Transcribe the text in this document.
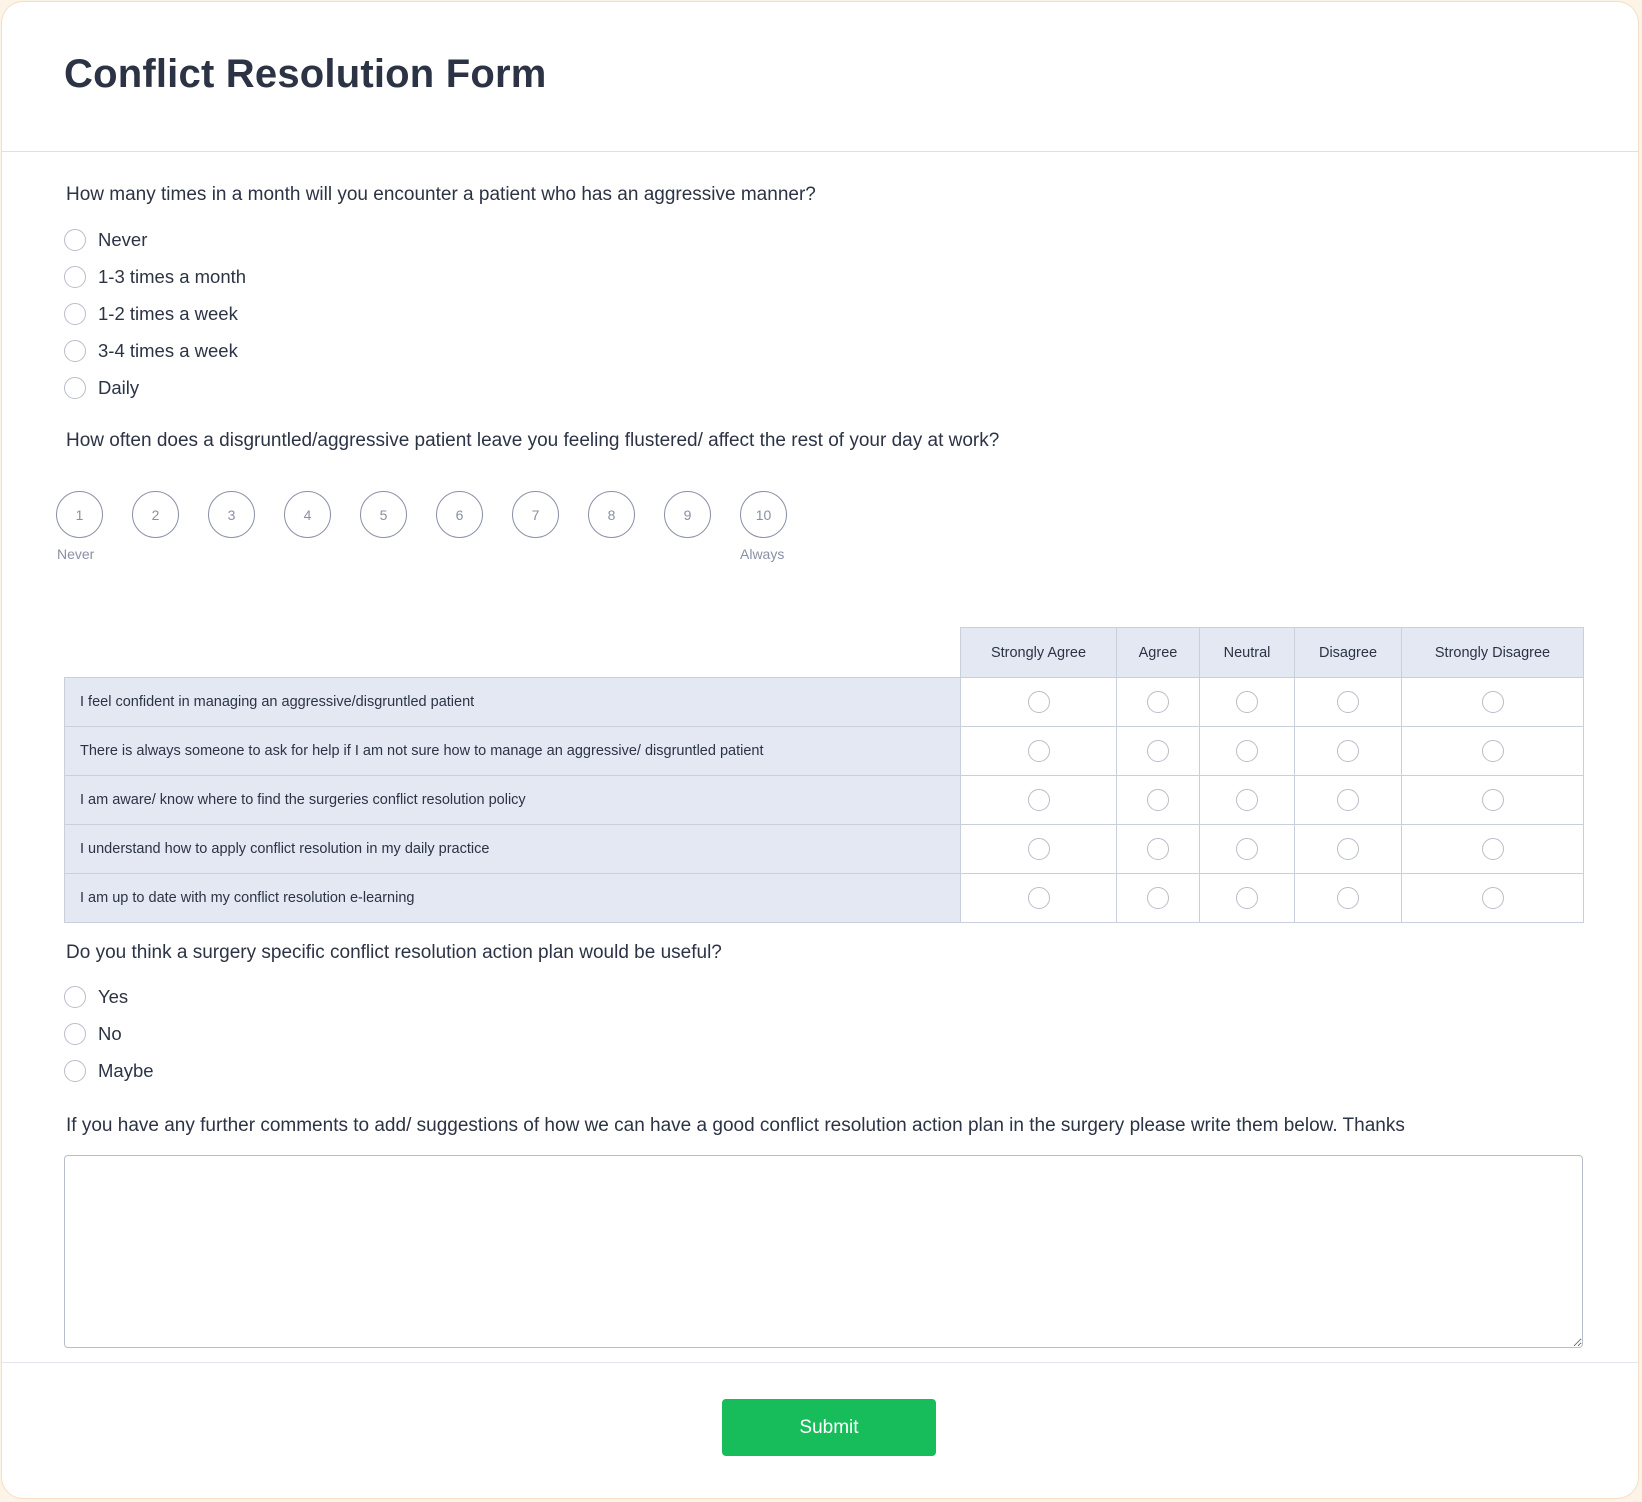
Conflict Resolution Form

How many times in a month will you encounter a patient who has an aggressive manner?

Never
1-3 times a month
1-2 times a week
3-4 times a week
Daily

How often does a disgruntled/aggressive patient leave you feeling flustered/ affect the rest of your day at work?

1	2	3	4	5	6	7	8	9	10
Never	Always
	Strongly Agree	Agree	Neutral	Disagree	Strongly Disagree
I feel confident in managing an aggressive/disgruntled patient					
There is always someone to ask for help if I am not sure how to manage an aggressive/ disgruntled patient					
I am aware/ know where to find the surgeries conflict resolution policy					
I understand how to apply conflict resolution in my daily practice					
I am up to date with my conflict resolution e-learning					

Do you think a surgery specific conflict resolution action plan would be useful?

Yes
No
Maybe

If you have any further comments to add/ suggestions of how we can have a good conflict resolution action plan in the surgery please write them below. Thanks

Submit
